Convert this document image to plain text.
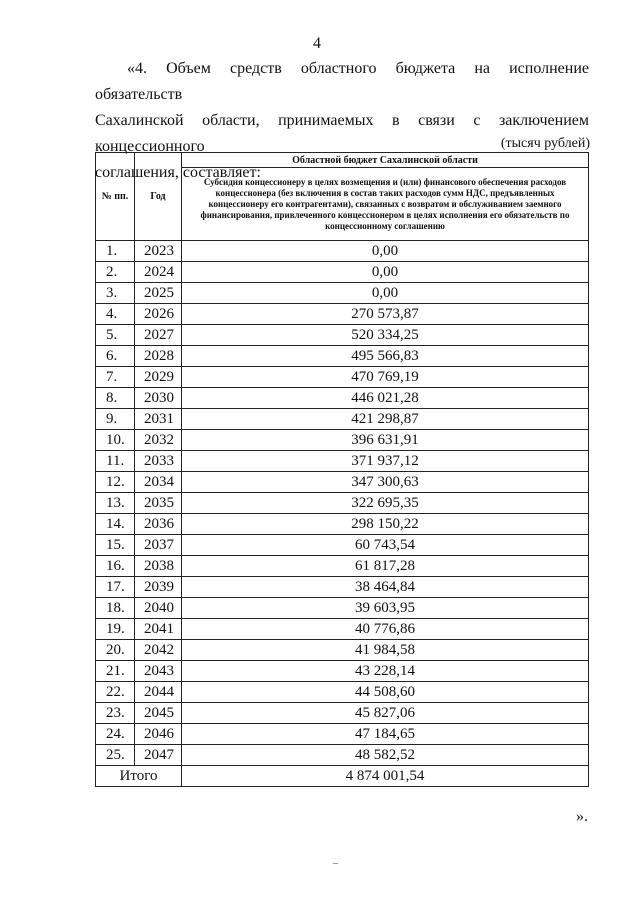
4
«4. Объем средств областного бюджета на исполнение обязательств
Сахалинской области, принимаемых в связи с заключением концессионного
соглашения, составляет:
(тысяч рублей)
№ пп.	Год	Областной бюджет Сахалинской области
		Субсидия концессионеру в целях возмещения и (или) финансового обеспечения расходов концессионера (без включения в состав таких расходов сумм НДС, предъявленных концессионеру его контрагентами), связанных с возвратом и обслуживанием заемного финансирования, привлеченного концессионером в целях исполнения его обязательств по концессионному соглашению
1.	2023	0,00
2.	2024	0,00
3.	2025	0,00
4.	2026	270 573,87
5.	2027	520 334,25
6.	2028	495 566,83
7.	2029	470 769,19
8.	2030	446 021,28
9.	2031	421 298,87
10.	2032	396 631,91
11.	2033	371 937,12
12.	2034	347 300,63
13.	2035	322 695,35
14.	2036	298 150,22
15.	2037	60 743,54
16.	2038	61 817,28
17.	2039	38 464,84
18.	2040	39 603,95
19.	2041	40 776,86
20.	2042	41 984,58
21.	2043	43 228,14
22.	2044	44 508,60
23.	2045	45 827,06
24.	2046	47 184,65
25.	2047	48 582,52
Итого		4 874 001,54
».
–
